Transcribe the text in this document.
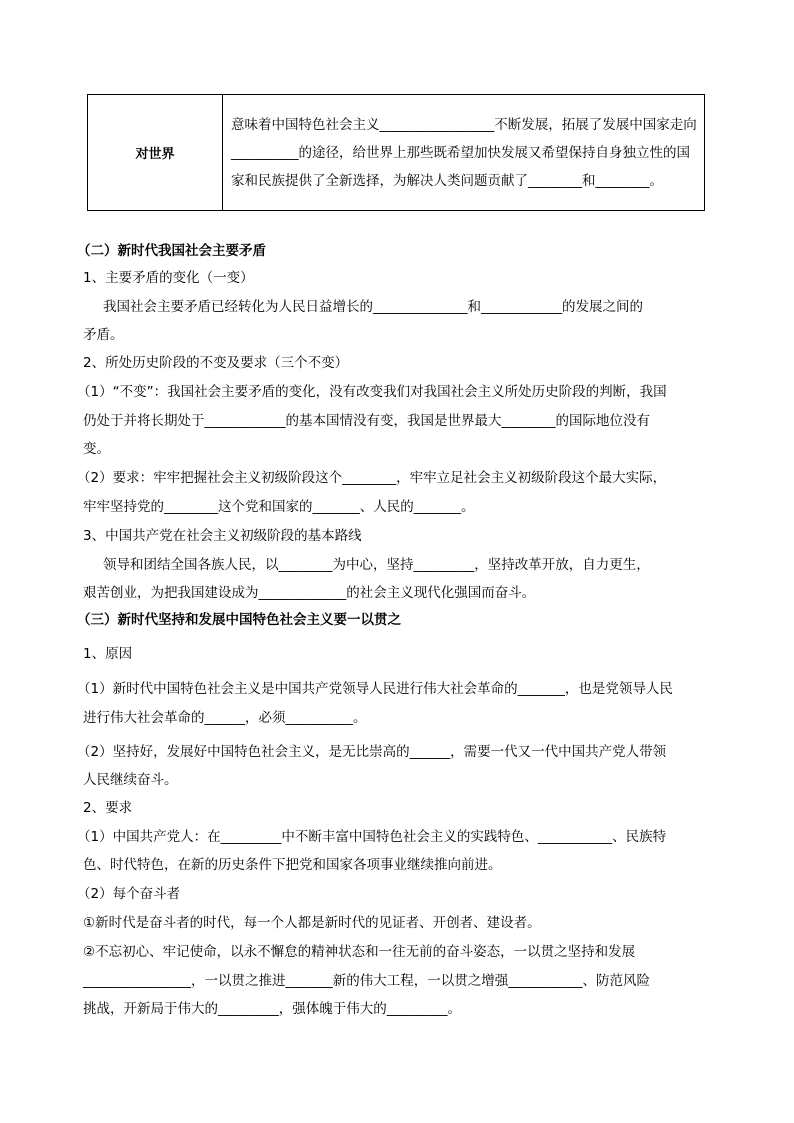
对世界	意味着中国特色社会主义_________________不断发展，拓展了发展中国家走向__________的途径，给世界上那些既希望加快发展又希望保持自身独立性的国家和民族提供了全新选择，为解决人类问题贡献了________和________。
（二）新时代我国社会主要矛盾
1、主要矛盾的变化（一变）
我国社会主要矛盾已经转化为人民日益增长的______________和____________的发展之间的
矛盾。
2、所处历史阶段的不变及要求（三个不变）
（1）“不变”：我国社会主要矛盾的变化，没有改变我们对我国社会主义所处历史阶段的判断，我国
仍处于并将长期处于____________的基本国情没有变，我国是世界最大________的国际地位没有
变。
（2）要求：牢牢把握社会主义初级阶段这个________，牢牢立足社会主义初级阶段这个最大实际，
牢牢坚持党的________这个党和国家的_______、人民的_______。
3、中国共产党在社会主义初级阶段的基本路线
领导和团结全国各族人民，以________为中心，坚持_________，坚持改革开放，自力更生，
艰苦创业，为把我国建设成为_____________的社会主义现代化强国而奋斗。
（三）新时代坚持和发展中国特色社会主义要一以贯之
1、原因
（1）新时代中国特色社会主义是中国共产党领导人民进行伟大社会革命的_______，也是党领导人民
进行伟大社会革命的______，必须__________。
（2）坚持好，发展好中国特色社会主义，是无比崇高的______，需要一代又一代中国共产党人带领
人民继续奋斗。
2、要求
（1）中国共产党人：在_________中不断丰富中国特色社会主义的实践特色、___________、民族特
色、时代特色，在新的历史条件下把党和国家各项事业继续推向前进。
（2）每个奋斗者
①新时代是奋斗者的时代，每一个人都是新时代的见证者、开创者、建设者。
②不忘初心、牢记使命，以永不懈怠的精神状态和一往无前的奋斗姿态，一以贯之坚持和发展
________________，一以贯之推进_______新的伟大工程，一以贯之增强___________、防范风险
挑战，开新局于伟大的_________，强体魄于伟大的_________。
